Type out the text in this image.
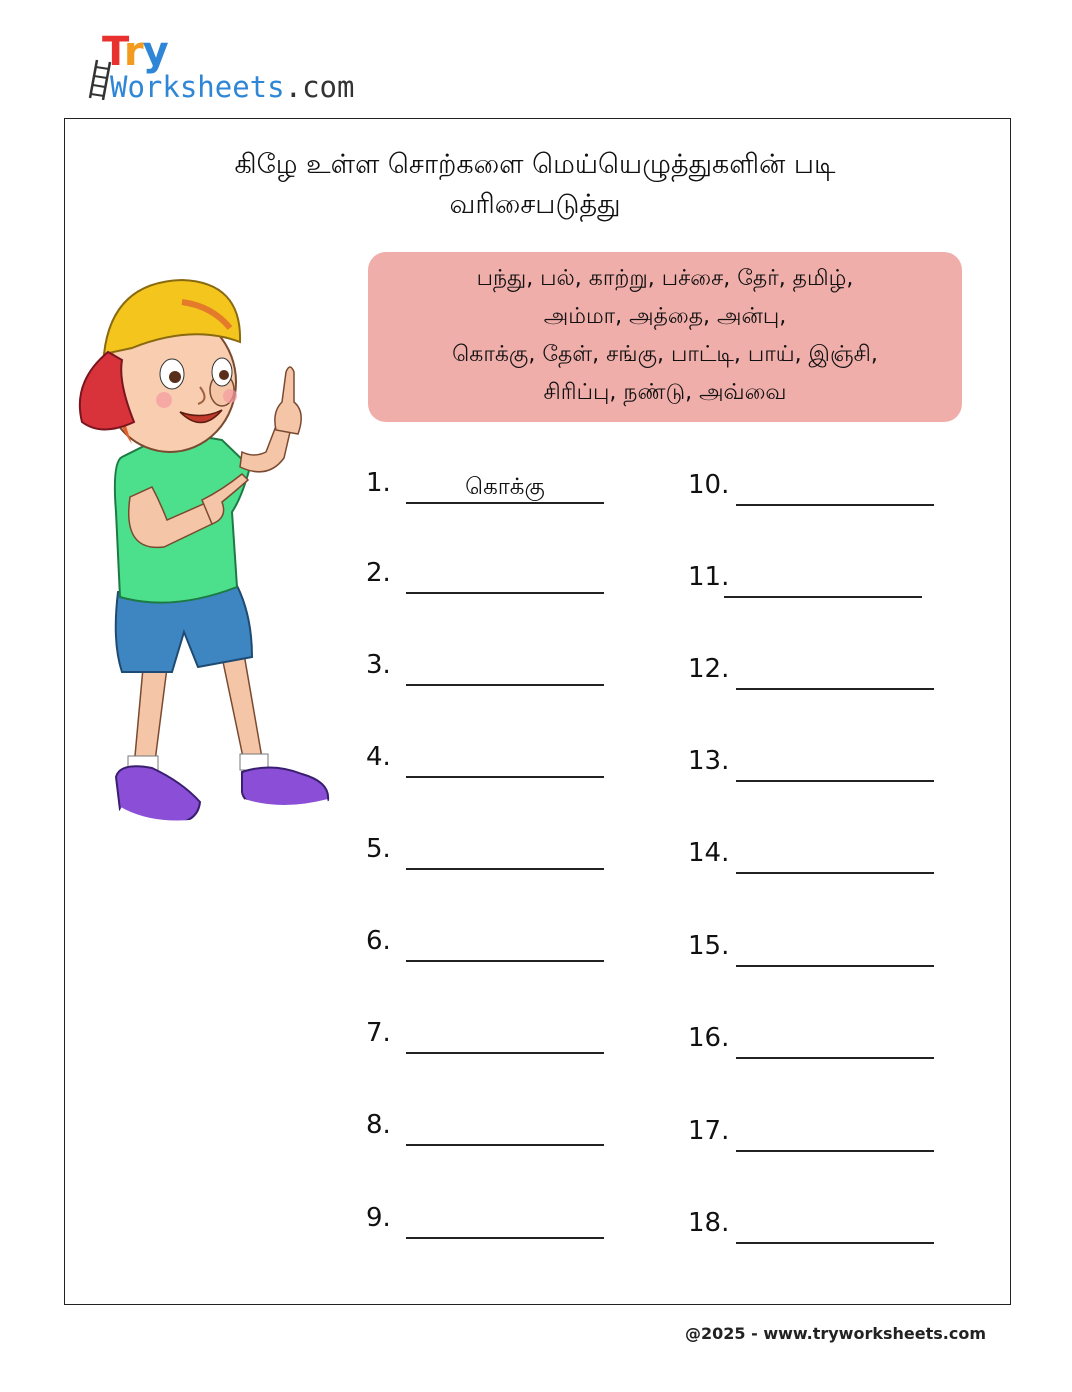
Try
Worksheets.com
கிழே உள்ள சொற்களை மெய்யெழுத்துகளின் படி
வரிசைபடுத்து
பந்து, பல், காற்று, பச்சை, தேர், தமிழ்,
அம்மா, அத்தை, அன்பு,
கொக்கு, தேள், சங்கு, பாட்டி, பாய், இஞ்சி,
சிரிப்பு, நண்டு, அவ்வை
1.	கொக்கு
2.
3.
4.
5.
6.
7.
8.
9.
10.
11.
12.
13.
14.
15.
16.
17.
18.
@2025 - www.tryworksheets.com
